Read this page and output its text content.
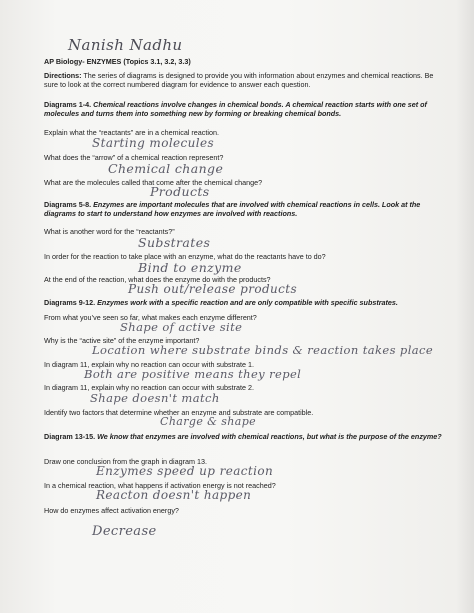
Nanish Nadhu
AP Biology- ENZYMES (Topics 3.1, 3.2, 3.3)
Directions: The series of diagrams is designed to provide you with information about enzymes and chemical reactions. Be sure to look at the correct numbered diagram for evidence to answer each question.
Diagrams 1-4. Chemical reactions involve changes in chemical bonds. A chemical reaction starts with one set of molecules and turns them into something new by forming or breaking chemical bonds.
Explain what the “reactants” are in a chemical reaction.
Starting molecules
What does the “arrow” of a chemical reaction represent?
Chemical change
What are the molecules called that come after the chemical change?
Products
Diagrams 5-8. Enzymes are important molecules that are involved with chemical reactions in cells. Look at the diagrams to start to understand how enzymes are involved with reactions.
What is another word for the “reactants?”
Substrates
In order for the reaction to take place with an enzyme, what do the reactants have to do?
Bind to enzyme
At the end of the reaction, what does the enzyme do with the products?
Push out/release products
Diagrams 9-12. Enzymes work with a specific reaction and are only compatible with specific substrates.
From what you’ve seen so far, what makes each enzyme different?
Shape of active site
Why is the “active site” of the enzyme important?
Location where substrate binds & reaction takes place
In diagram 11, explain why no reaction can occur with substrate 1.
Both are positive means they repel
In diagram 11, explain why no reaction can occur with substrate 2.
Shape doesn't match
Identify two factors that determine whether an enzyme and substrate are compatible.
Charge & shape
Diagram 13-15. We know that enzymes are involved with chemical reactions, but what is the purpose of the enzyme?
Draw one conclusion from the graph in diagram 13.
Enzymes speed up reaction
In a chemical reaction, what happens if activation energy is not reached?
Reacton doesn't happen
How do enzymes affect activation energy?
Decrease
